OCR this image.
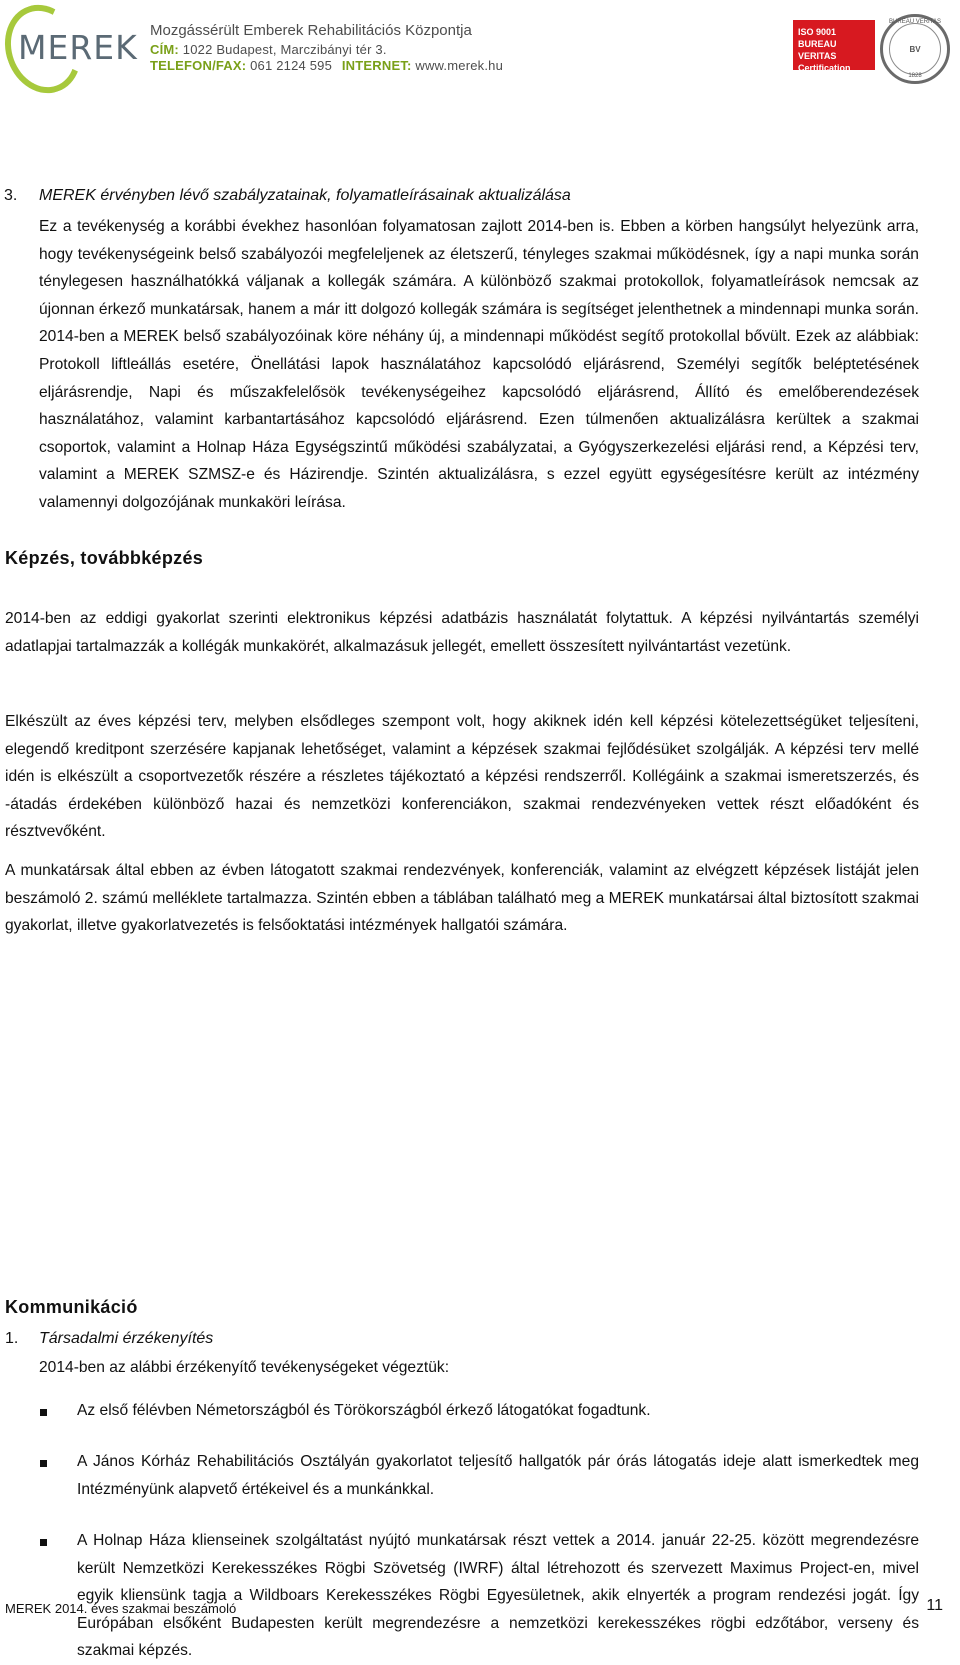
MEREK Mozgássérült Emberek Rehabilitációs Központja
CÍM: 1022 Budapest, Marczibányi tér 3.
TELEFON/FAX: 061 2124 595 INTERNET: www.merek.hu
ISO 9001
BUREAU VERITAS
Certification
BUREAU VERITAS
BV
1828
3. MEREK érvényben lévő szabályzatainak, folyamatleírásainak aktualizálása

Ez a tevékenység a korábbi évekhez hasonlóan folyamatosan zajlott 2014-ben is. Ebben a körben hangsúlyt helyezünk arra, hogy tevékenységeink belső szabályozói megfeleljenek az életszerű, tényleges szakmai működésnek, így a napi munka során ténylegesen használhatókká váljanak a kollegák számára. A különböző szakmai protokollok, folyamatleírások nemcsak az újonnan érkező munkatársak, hanem a már itt dolgozó kollegák számára is segítséget jelenthetnek a mindennapi munka során. 2014-ben a MEREK belső szabályozóinak köre néhány új, a mindennapi működést segítő protokollal bővült. Ezek az alábbiak: Protokoll liftleállás esetére, Önellátási lapok használatához kapcsolódó eljárásrend, Személyi segítők beléptetésének eljárásrendje, Napi és műszakfelelősök tevékenységeihez kapcsolódó eljárásrend, Állító és emelőberendezések használatához, valamint karbantartásához kapcsolódó eljárásrend. Ezen túlmenően aktualizálásra kerültek a szakmai csoportok, valamint a Holnap Háza Egységszintű működési szabályzatai, a Gyógyszerkezelési eljárási rend, a Képzési terv, valamint a MEREK SZMSZ-e és Házirendje. Szintén aktualizálásra, s ezzel együtt egységesítésre került az intézmény valamennyi dolgozójának munkaköri leírása.

Képzés, továbbképzés

2014-ben az eddigi gyakorlat szerinti elektronikus képzési adatbázis használatát folytattuk. A képzési nyilvántartás személyi adatlapjai tartalmazzák a kollégák munkakörét, alkalmazásuk jellegét, emellett összesített nyilvántartást vezetünk.

Elkészült az éves képzési terv, melyben elsődleges szempont volt, hogy akiknek idén kell képzési kötelezettségüket teljesíteni, elegendő kreditpont szerzésére kapjanak lehetőséget, valamint a képzések szakmai fejlődésüket szolgálják. A képzési terv mellé idén is elkészült a csoportvezetők részére a részletes tájékoztató a képzési rendszerről. Kollégáink a szakmai ismeretszerzés, és -átadás érdekében különböző hazai és nemzetközi konferenciákon, szakmai rendezvényeken vettek részt előadóként és résztvevőként.

A munkatársak által ebben az évben látogatott szakmai rendezvények, konferenciák, valamint az elvégzett képzések listáját jelen beszámoló 2. számú melléklete tartalmazza. Szintén ebben a táblában található meg a MEREK munkatársai által biztosított szakmai gyakorlat, illetve gyakorlatvezetés is felsőoktatási intézmények hallgatói számára.

Kommunikáció
1. Társadalmi érzékenyítés

2014-ben az alábbi érzékenyítő tevékenységeket végeztük:

Az első félévben Németországból és Törökországból érkező látogatókat fogadtunk.

A János Kórház Rehabilitációs Osztályán gyakorlatot teljesítő hallgatók pár órás látogatás ideje alatt ismerkedtek meg Intézményünk alapvető értékeivel és a munkánkkal.

A Holnap Háza klienseinek szolgáltatást nyújtó munkatársak részt vettek a 2014. január 22-25. között megrendezésre került Nemzetközi Kerekesszékes Rögbi Szövetség (IWRF) által létrehozott és szervezett Maximus Project-en, mivel egyik kliensünk tagja a Wildboars Kerekesszékes Rögbi Egyesületnek, akik elnyerték a program rendezési jogát. Így Európában elsőként Budapesten került megrendezésre a nemzetközi kerekesszékes rögbi edzőtábor, verseny és szakmai képzés.

MEREK 2014. éves szakmai beszámoló	11
